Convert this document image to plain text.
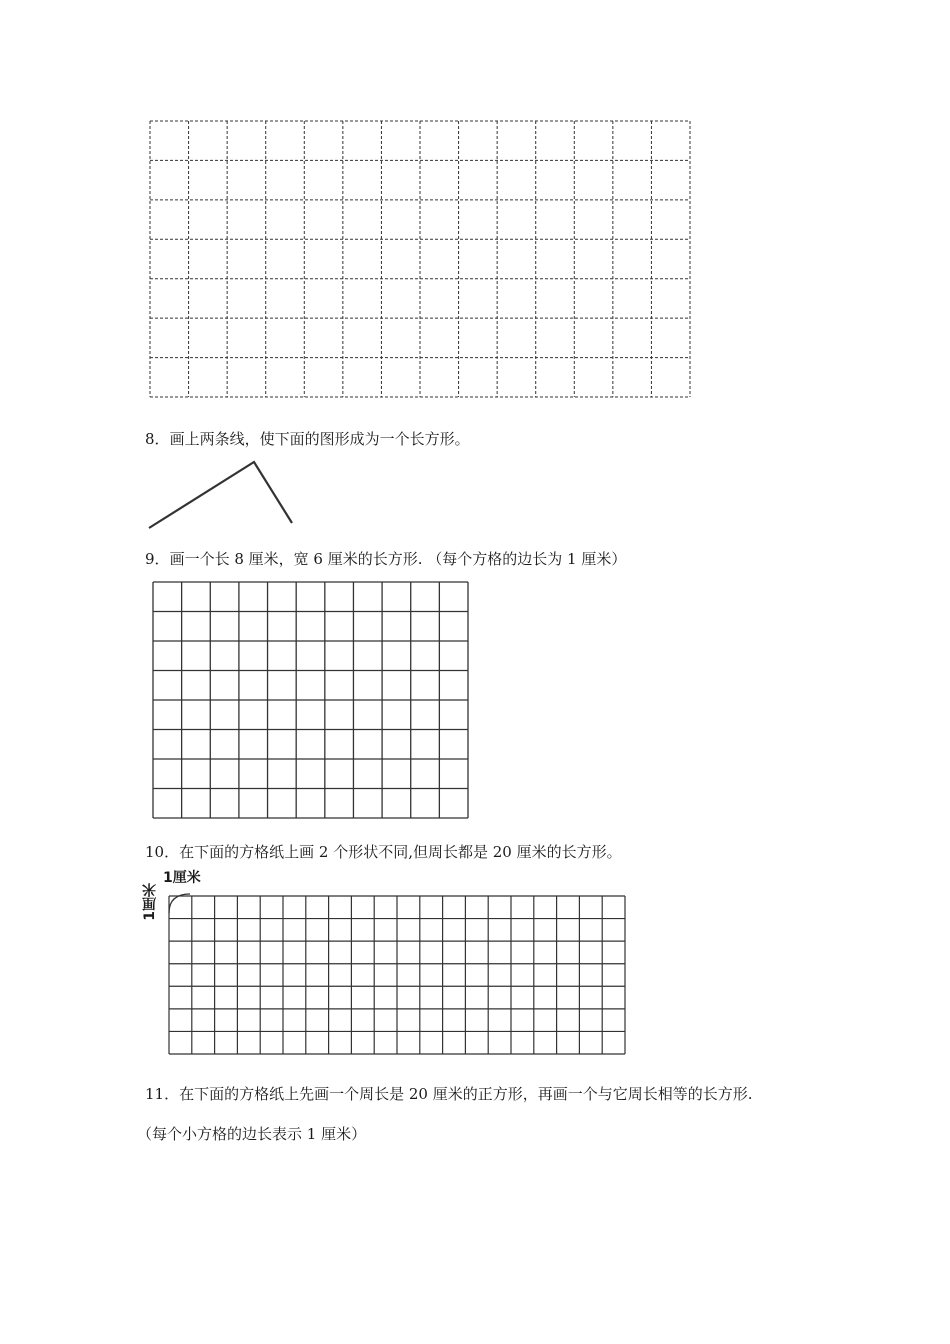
8．画上两条线，使下面的图形成为一个长方形。

9．画一个长 8 厘米，宽 6 厘米的长方形. （每个方格的边长为 1 厘米）

10．在下面的方格纸上画 2 个形状不同,但周长都是 20 厘米的长方形。

1厘米
1厘米

11．在下面的方格纸上先画一个周长是 20 厘米的正方形，再画一个与它周长相等的长方形.

（每个小方格的边长表示 1 厘米）
